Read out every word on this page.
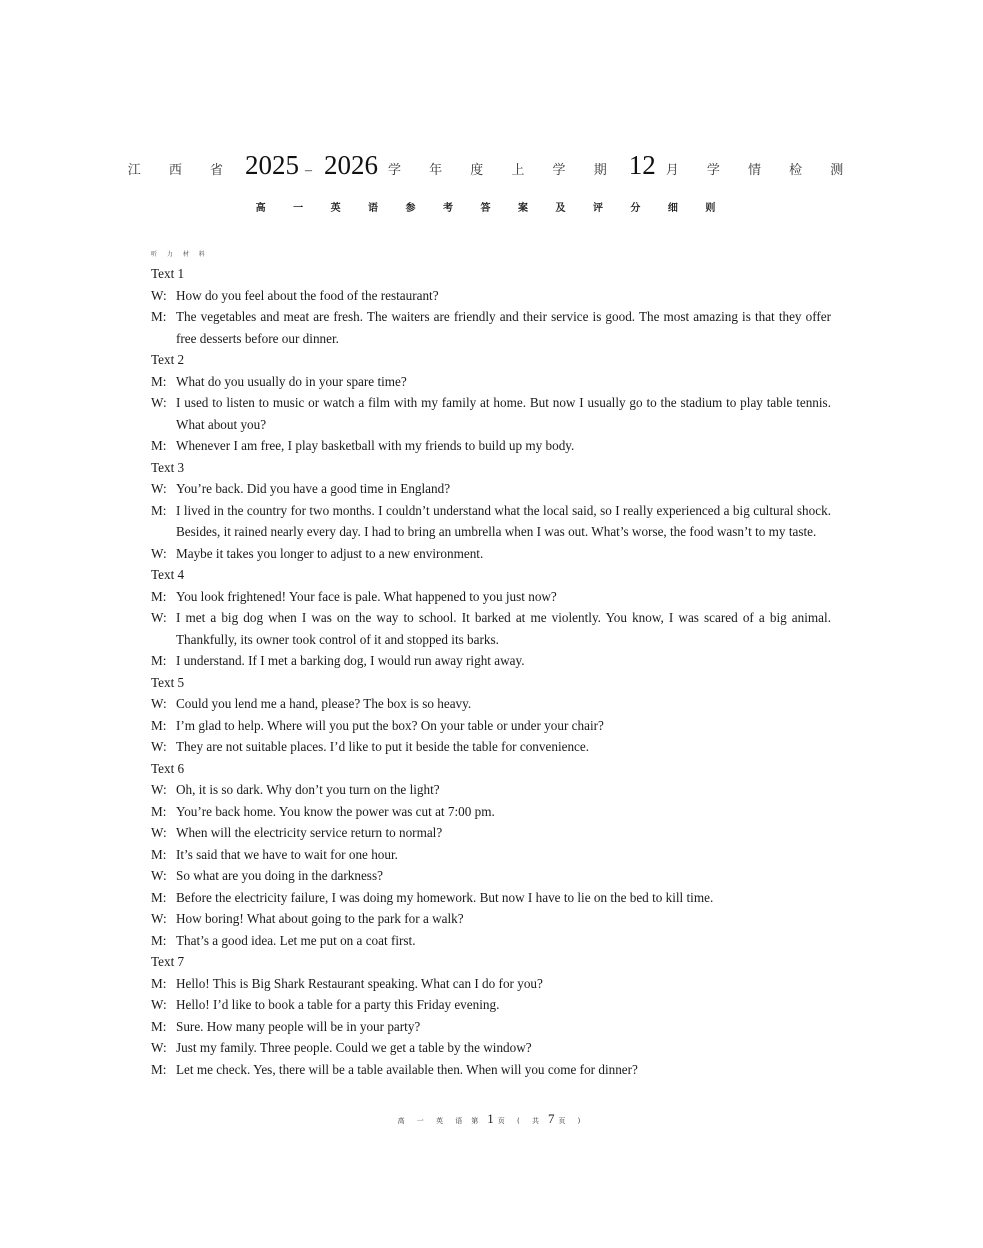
江 西 省 2025 – 2026 学 年 度 上 学 期 12 月 学 情 检 测
高 一 英 语 参 考 答 案 及 评 分 细 则
听 力 材 料

Text 1

W: How do you feel about the food of the restaurant?

M: The vegetables and meat are fresh. The waiters are friendly and their service is good. The most amazing is that they offer free desserts before our dinner.

Text 2

M: What do you usually do in your spare time?

W: I used to listen to music or watch a film with my family at home. But now I usually go to the stadium to play table tennis. What about you?

M: Whenever I am free, I play basketball with my friends to build up my body.

Text 3

W: You’re back. Did you have a good time in England?

M: I lived in the country for two months. I couldn’t understand what the local said, so I really experienced a big cultural shock. Besides, it rained nearly every day. I had to bring an umbrella when I was out. What’s worse, the food wasn’t to my taste.

W: Maybe it takes you longer to adjust to a new environment.

Text 4

M: You look frightened! Your face is pale. What happened to you just now?

W: I met a big dog when I was on the way to school. It barked at me violently. You know, I was scared of a big animal. Thankfully, its owner took control of it and stopped its barks.

M: I understand. If I met a barking dog, I would run away right away.

Text 5

W: Could you lend me a hand, please? The box is so heavy.

M: I’m glad to help. Where will you put the box? On your table or under your chair?

W: They are not suitable places. I’d like to put it beside the table for convenience.

Text 6

W: Oh, it is so dark. Why don’t you turn on the light?

M: You’re back home. You know the power was cut at 7:00 pm.

W: When will the electricity service return to normal?

M: It’s said that we have to wait for one hour.

W: So what are you doing in the darkness?

M: Before the electricity failure, I was doing my homework. But now I have to lie on the bed to kill time.

W: How boring! What about going to the park for a walk?

M: That’s a good idea. Let me put on a coat first.

Text 7

M: Hello! This is Big Shark Restaurant speaking. What can I do for you?

W: Hello! I’d like to book a table for a party this Friday evening.

M: Sure. How many people will be in your party?

W: Just my family. Three people. Could we get a table by the window?

M: Let me check. Yes, there will be a table available then. When will you come for dinner?

高 一 英 语 第 1 页 ( 共 7 页 )
